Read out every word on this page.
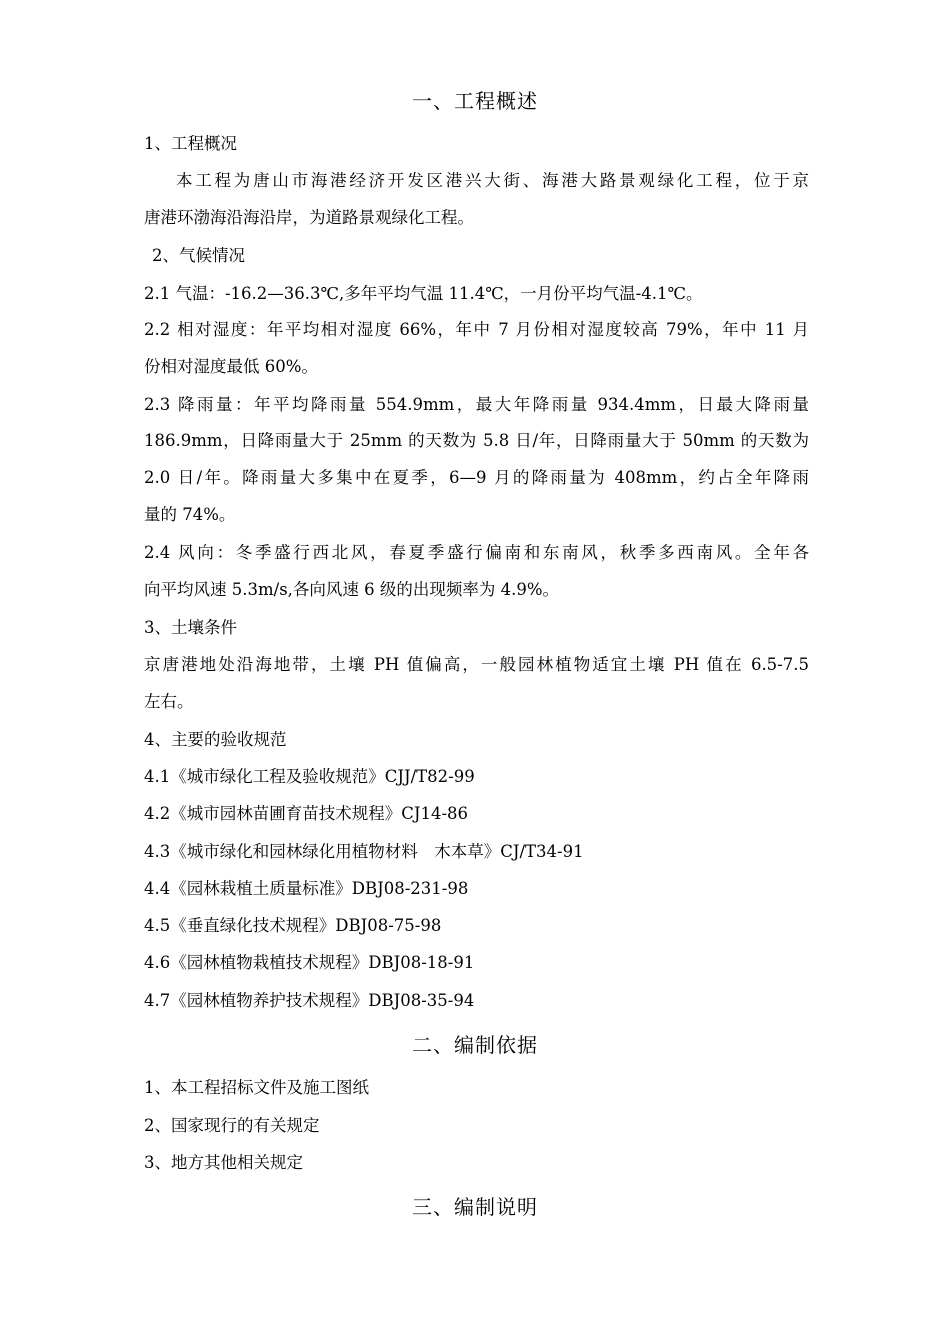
一、工程概述
1、工程概况
本工程为唐山市海港经济开发区港兴大街、海港大路景观绿化工程，位于京
唐港环渤海沿海沿岸，为道路景观绿化工程。
2、气候情况
2.1 气温：-16.2—36.3℃,多年平均气温 11.4℃，一月份平均气温-4.1℃。
2.2 相对湿度：年平均相对湿度 66%，年中 7 月份相对湿度较高 79%，年中 11 月
份相对湿度最低 60%。
2.3 降雨量：年平均降雨量 554.9mm，最大年降雨量 934.4mm，日最大降雨量
186.9mm，日降雨量大于 25mm 的天数为 5.8 日/年，日降雨量大于 50mm 的天数为
2.0 日/年。降雨量大多集中在夏季，6—9 月的降雨量为 408mm，约占全年降雨
量的 74%。
2.4 风向：冬季盛行西北风，春夏季盛行偏南和东南风，秋季多西南风。全年各
向平均风速 5.3m/s,各向风速 6 级的出现频率为 4.9%。
3、土壤条件
京唐港地处沿海地带，土壤 PH 值偏高，一般园林植物适宜土壤 PH 值在 6.5-7.5
左右。
4、主要的验收规范
4.1《城市绿化工程及验收规范》CJJ/T82-99
4.2《城市园林苗圃育苗技术规程》CJ14-86
4.3《城市绿化和园林绿化用植物材料　木本草》CJ/T34-91
4.4《园林栽植土质量标准》DBJ08-231-98
4.5《垂直绿化技术规程》DBJ08-75-98
4.6《园林植物栽植技术规程》DBJ08-18-91
4.7《园林植物养护技术规程》DBJ08-35-94
二、编制依据
1、本工程招标文件及施工图纸
2、国家现行的有关规定
3、地方其他相关规定
三、编制说明
